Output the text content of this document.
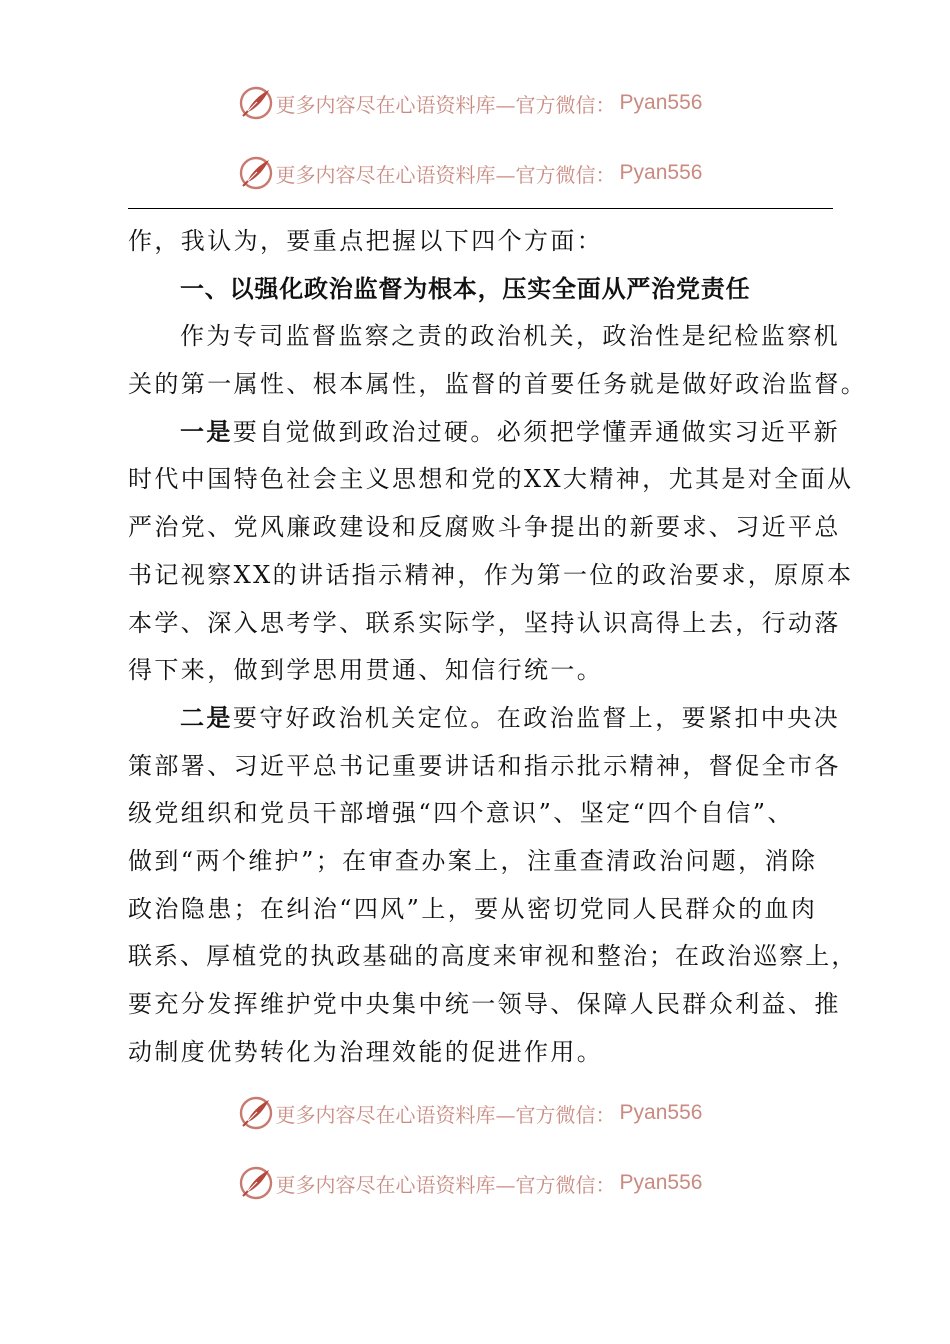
更多内容尽在心语资料库—官方微信： Pyan556
更多内容尽在心语资料库—官方微信： Pyan556
作，我认为，要重点把握以下四个方面：
一、以强化政治监督为根本，压实全面从严治党责任
作为专司监督监察之责的政治机关，政治性是纪检监察机
关的第一属性、根本属性，监督的首要任务就是做好政治监督。
一是要自觉做到政治过硬。必须把学懂弄通做实习近平新
时代中国特色社会主义思想和党的XX大精神，尤其是对全面从
严治党、党风廉政建设和反腐败斗争提出的新要求、习近平总
书记视察XX的讲话指示精神，作为第一位的政治要求，原原本
本学、深入思考学、联系实际学，坚持认识高得上去，行动落
得下来，做到学思用贯通、知信行统一。
二是要守好政治机关定位。在政治监督上，要紧扣中央决
策部署、习近平总书记重要讲话和指示批示精神，督促全市各
级党组织和党员干部增强“四个意识”、坚定“四个自信”、
做到“两个维护”；在审查办案上，注重查清政治问题，消除
政治隐患；在纠治“四风”上，要从密切党同人民群众的血肉
联系、厚植党的执政基础的高度来审视和整治；在政治巡察上，
要充分发挥维护党中央集中统一领导、保障人民群众利益、推
动制度优势转化为治理效能的促进作用。
更多内容尽在心语资料库—官方微信： Pyan556
更多内容尽在心语资料库—官方微信： Pyan556
